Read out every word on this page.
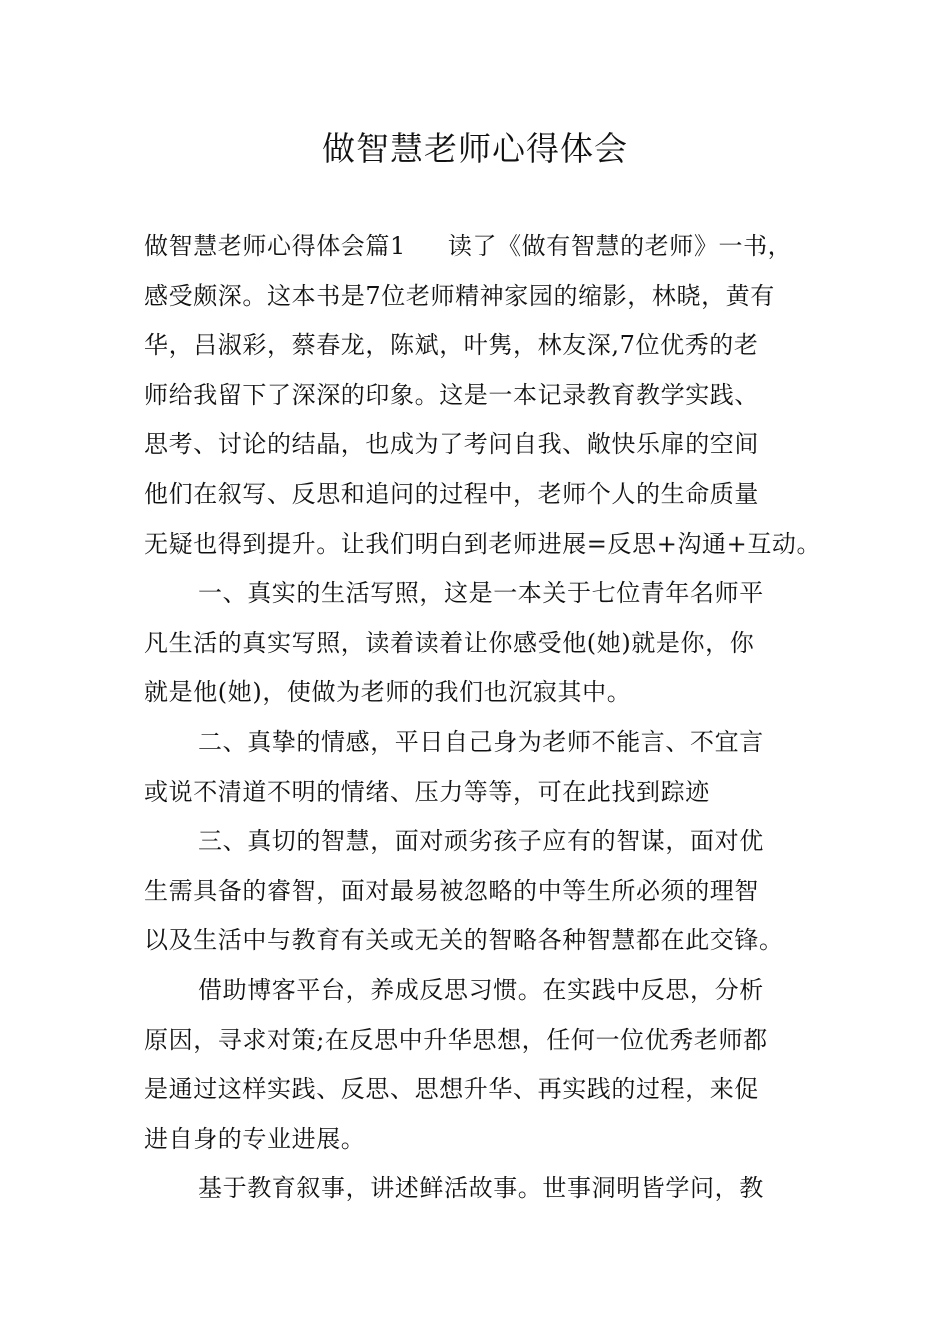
做智慧老师心得体会
做智慧老师心得体会篇1 读了《做有智慧的老师》一书，
感受颇深。这本书是7位老师精神家园的缩影，林晓，黄有
华，吕淑彩，蔡春龙，陈斌，叶隽，林友深,7位优秀的老
师给我留下了深深的印象。这是一本记录教育教学实践、
思考、讨论的结晶，也成为了考问自我、敞快乐扉的空间
他们在叙写、反思和追问的过程中，老师个人的生命质量
无疑也得到提升。让我们明白到老师进展=反思+沟通+互动。
一、真实的生活写照，这是一本关于七位青年名师平
凡生活的真实写照，读着读着让你感受他(她)就是你，你
就是他(她)，使做为老师的我们也沉寂其中。
二、真挚的情感，平日自己身为老师不能言、不宜言
或说不清道不明的情绪、压力等等，可在此找到踪迹
三、真切的智慧，面对顽劣孩子应有的智谋，面对优
生需具备的睿智，面对最易被忽略的中等生所必须的理智
以及生活中与教育有关或无关的智略各种智慧都在此交锋。
借助博客平台，养成反思习惯。在实践中反思，分析
原因，寻求对策;在反思中升华思想，任何一位优秀老师都
是通过这样实践、反思、思想升华、再实践的过程，来促
进自身的专业进展。
基于教育叙事，讲述鲜活故事。世事洞明皆学问，教
